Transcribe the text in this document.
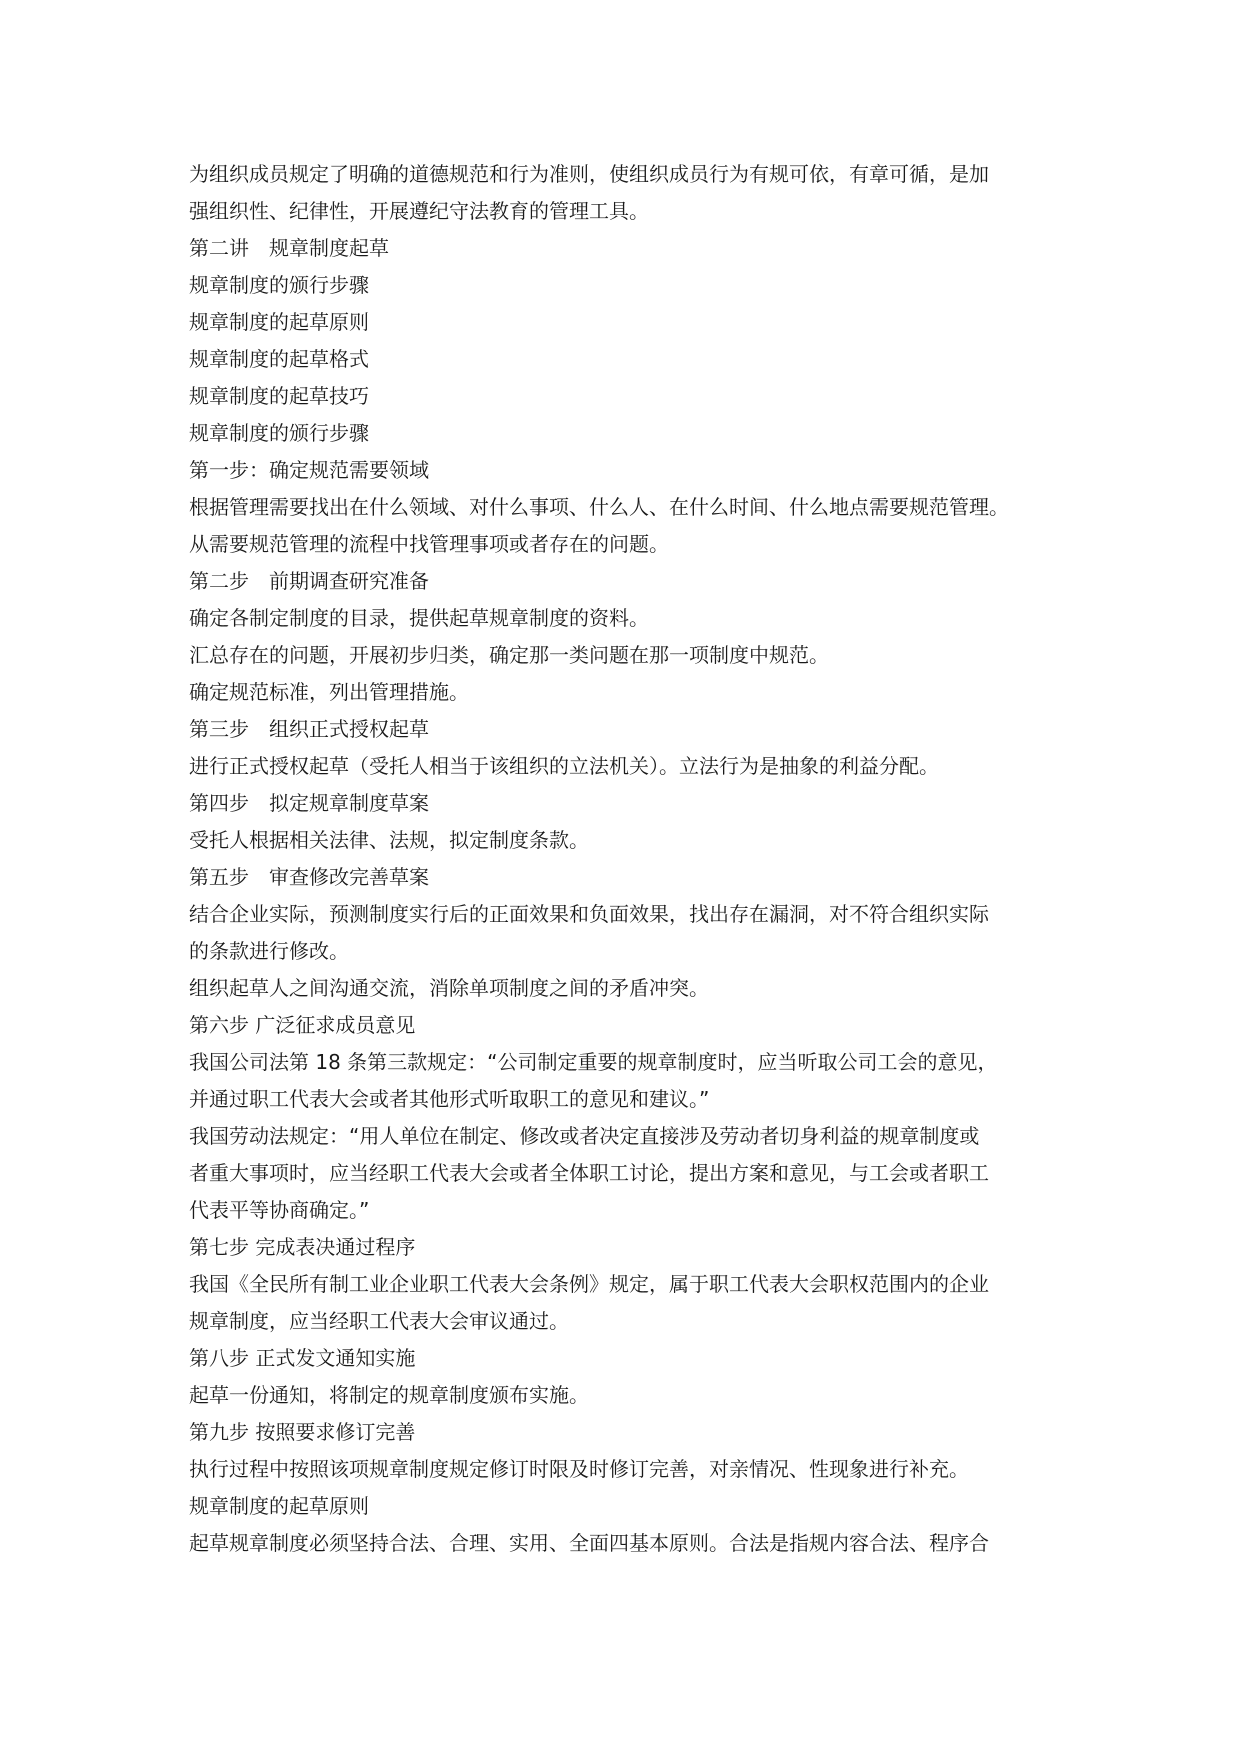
为组织成员规定了明确的道德规范和行为准则，使组织成员行为有规可依，有章可循，是加
强组织性、纪律性，开展遵纪守法教育的管理工具。
第二讲　规章制度起草
规章制度的颁行步骤
规章制度的起草原则
规章制度的起草格式
规章制度的起草技巧
规章制度的颁行步骤
第一步：确定规范需要领域
根据管理需要找出在什么领域、对什么事项、什么人、在什么时间、什么地点需要规范管理。
从需要规范管理的流程中找管理事项或者存在的问题。
第二步　前期调查研究准备
确定各制定制度的目录，提供起草规章制度的资料。
汇总存在的问题，开展初步归类，确定那一类问题在那一项制度中规范。
确定规范标准，列出管理措施。
第三步　组织正式授权起草
进行正式授权起草（受托人相当于该组织的立法机关）。立法行为是抽象的利益分配。
第四步　拟定规章制度草案
受托人根据相关法律、法规，拟定制度条款。
第五步　审查修改完善草案
结合企业实际，预测制度实行后的正面效果和负面效果，找出存在漏洞，对不符合组织实际
的条款进行修改。
组织起草人之间沟通交流，消除单项制度之间的矛盾冲突。
第六步 广泛征求成员意见
我国公司法第 18 条第三款规定：“公司制定重要的规章制度时，应当听取公司工会的意见，
并通过职工代表大会或者其他形式听取职工的意见和建议。”
我国劳动法规定：“用人单位在制定、修改或者决定直接涉及劳动者切身利益的规章制度或
者重大事项时，应当经职工代表大会或者全体职工讨论，提出方案和意见，与工会或者职工
代表平等协商确定。”
第七步 完成表决通过程序
我国《全民所有制工业企业职工代表大会条例》规定，属于职工代表大会职权范围内的企业
规章制度，应当经职工代表大会审议通过。
第八步 正式发文通知实施
起草一份通知，将制定的规章制度颁布实施。
第九步 按照要求修订完善
执行过程中按照该项规章制度规定修订时限及时修订完善，对亲情况、性现象进行补充。
规章制度的起草原则
起草规章制度必须坚持合法、合理、实用、全面四基本原则。合法是指规内容合法、程序合
